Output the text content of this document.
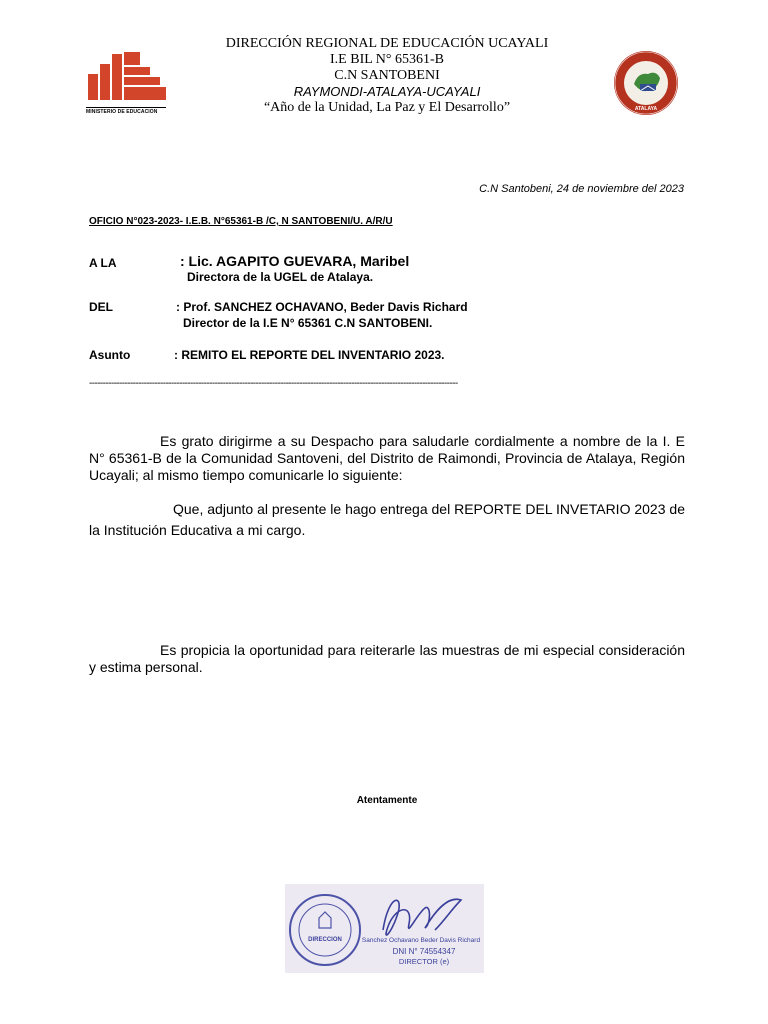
MINISTERIO DE EDUCACION
DIRECCIÓN REGIONAL DE EDUCACIÓN UCAYALI
I.E BIL N° 65361-B
C.N SANTOBENI
RAYMONDI-ATALAYA-UCAYALI
“Año de la Unidad, La Paz y El Desarrollo”	ATALAYA
C.N Santobeni, 24 de noviembre del 2023
OFICIO N°023-2023- I.E.B. N°65361-B /C, N SANTOBENI/U. A/R/U
A LA	: Lic. AGAPITO GUEVARA, Maribel
Directora de la UGEL de Atalaya.
DEL	: Prof. SANCHEZ OCHAVANO, Beder Davis Richard
Director de la I.E N° 65361 C.N SANTOBENI.
Asunto	: REMITO EL REPORTE DEL INVENTARIO 2023.
---------------------------------------------------------------------------------------------------------------------------------------
Es grato dirigirme a su Despacho para saludarle cordialmente a nombre de la I. E N° 65361-B de la Comunidad Santoveni, del Distrito de Raimondi, Provincia de Atalaya, Región Ucayali; al mismo tiempo comunicarle lo siguiente:
Que, adjunto al presente le hago entrega del REPORTE DEL INVETARIO 2023 de la Institución Educativa a mi cargo.
Es propicia la oportunidad para reiterarle las muestras de mi especial consideración y estima personal.
Atentamente
DIRECCION	Sanchez Ochavano Beder Davis Richard
DNI N° 74554347
DIRECTOR (e)
